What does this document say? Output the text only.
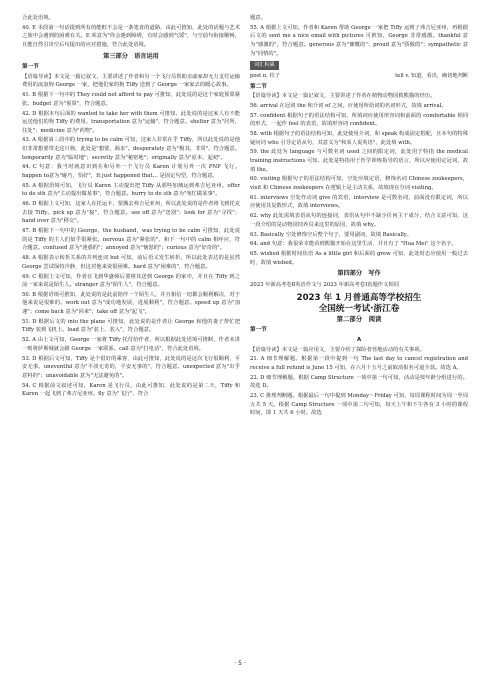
合此处语境。

40. E 本段第一句话提到所有的能框不会是一条笔直的道路，由此可推知，此处的话题与艺术之旅中会遇到的困难有关。E 项意为"你会遇到障碍，有时会感到气馁"，与空前句衔接顺畅，且能自然引出空后句提出的应对措施，符合此处语境。

第三部分　语言运用
第一节

【语篇导读】本文是一篇记叙文，主要讲述了作者和另一个飞行员帮助亲戚家却无力支付运输费用的流浪狗 George 一家，把他们家的狗 Tiffy 送到了 George 一家家去的暖心故事。

41. B 根据下一句中的 They could not afford to pay 可推知，此处说的是这个家庭预算紧张。budget 意为"预算"，符合题意。

42. D 根据本句后面的 wanted to take her with them 可推知，此处说的是这家人有不能运送他们的狗 Tiffy 的费用。transportation 意为"运输"，符合题意。shelter 意为"居所，住处"；medicine 意为"药物"。

43. A 根据第三段中的 trying to be calm 可知，这家人非常在乎 Tiffy，所以此处说的是他们非常想要带走这只狗，此处是"想要，渴求"。desperately 意为"极其，非常"，符合题意。temporarily 意为"临时地"；secretly 意为"秘密地"；originally 意为"原本，起初"。

44. C 句意：我当时就意识到在和另外一个飞行员 Karen 计划另外一次 PNP 飞行。happen to意为"碰巧，恰好"，It just happened that… 是固定句型，符合题意。

45. A 根据语境可知，飞行员 Karen 主动提出把 Tiffy 从那些加城运到弗吉尼亚州。offer to do sth 意为"主动提出做某事"，符合题意。hurry to do sth 意为"匆忙做某事"。

46. D 根据上文可知，这家人在托运卡，要搬去弗吉尼亚州，所以此处说的是作者将飞到托克去接 Tiffy。pick up 意为"接"，符合题意。see off 意为"送别"；look for 意为"寻找"；hand over 意为"移交"。

47. B 根据下一句中的 George，the husband，was trying to be calm 可推知，此处说的是 Tiffy 的主人们似乎很紧张。nervous 意为"紧张的"，和下一句中的 calm 相呼应，符合题意。confused 意为"迷惑的"；annoyed 意为"恼怒的"；curious 意为"好奇的"。

48. A 根据表示转折关系的并列连词 but 可知，前后语义发生转折，所以此处表达的是虽然 George 尝试保持冷静，但这对他来说很困难。hard 意为"困难的"，符合题意。

49. C 根据上文可知，作者在飞到华盛顿后要将其送到 George 的家中，并且在 Tiffy 到之前一家来说是陌生人。stranger 意为"陌生人"，符合题意。

50. B 根据语境可推知，此处说的是此前陪伴一个陌生人，并且相信一切都会顺利解决，对于他来说是很难的。work out 意为"成功地发展，进展顺利"，符合题意。speed up 意为"加速"；come back 意为"回来"；take off 意为"起飞"。

51. D 根据后文的 into the plane 可推知，此处说的是作者让 George 和他的妻子帮忙把 Tiffy 装到飞机上。load 意为"装上，装入"，符合题意。

52. A 由上文可知，George 一家将 Tiffy 托付给作者，所以根据此处语境可推断，作者未讲一则将萨斯城就会跟 George 一家联系。call 意为"打电话"，符合此处语境。

53. D 根据后文可知，Tiffy 是个很好的乘客，由此可推知，此处说的是这次飞行很顺利，平安无事。uneventful 意为"平淡无奇的，平安无事的"，符合题意。unexpected 意为"出乎意料的"；unavoidable 意为"无法避免的"。

54. C 根据前文叙述可知，Karen 是飞行员，由此可推知，此处说的是第二天，Tiffy 和 Karen 一起飞到了弗吉尼亚州。fly 意为"飞行"，符合

题意。

55. A 根据上文可知，作者和 Karen 帮助 George 一家把 Tiffy 运到了弗吉尼亚州，再根据后文的 sent me a nice email with pictures 可推知，George 非常感激。thankful 意为"感激的"，符合题意。generous 意为"慷慨的"；proud 意为"骄傲的"；sympathetic 意为"同情的"。

词汇积累
post n. 柱子	tell v. 知道，看出，确切地判断
第二节

【语篇导读】本文是一篇记叙文，主要讲述了作者在植物动物园救熊猫的经历。

56. arrival 在冠词 the 和介词 of 之间，应使用所给词的名词形式，故填 arrival。

57. confident 根据句子的语法结构可知，所填词应使用形容词和前面的 comfortable 相同的形式，一起作 feel 的表语，故填形容词 confident。

58. with 根据句子的语法结构可知，此处使用介词，和 speak 构成固定搭配，且本句的特殊疑问词 who 引导定语从句，其意义为"和某人说英语"，此处填 with。

59. the 此处为 language 与可数名词 used 之间的限定词，此处用于特指 the medical training instructions 可知，此处是特指用于医学训练指导的语言，所以应使用定冠词，故填 the。

60. visiting 根据句子的语法结构可知，空处应填定语，修饰名词 Chinese zookeepers，visit 和 Chinese zookeepers 在逻辑上是主动关系，故填现在分词 visiting。

61. interviews 空处作动词 give 的宾语，interview 是可数名词，前面没有限定词，所以应使用其复数形式，故填 interviews。

62. why 此处需填表语从句的连接词，表语从句中不缺少任何主干成分，结合文意可知，这一段介绍的是动物园饲养员来这里的原因，故填 why。

63. Basically 空处修饰空后整个句子，要用副词，故填 Basically。

64. and 句意：我很荣幸能看到熊猫开始在这里生活，并且有了 "Hua Mei" 这个名字。

65. wished 根据时间状语 As a little girl 和后面的 grew 可知，此处时态应使用一般过去时，故填 wished。

第四部分　写作

2023 年新高考卷Ⅱ英语作文与 2023 年新高考卷Ⅰ真题作文相同

2023 年 1 月普通高等学校招生
全国统一考试·浙江卷
第二部分　阅读
第一节
A

【语篇导读】本文是一篇应用文，主要介绍了探险者营地活动的有关事项。

21. A 细节理解题。根据第一段中提到一句 The last day to cancel registration and receive a full refund is June 15 可知，在六月十五号之前取消报名可退全款。故选 A。

22. D 细节理解题。根据 Camp Structure 一项中第一句可知，活动是按年龄分组进行的。故选 D。

23. C 推理判断题。根据最后一句中提到 Monday～Friday 可知，每周课程时间为周一至周五共 5 天。根据 Camp Structure 一项中第二句可知，每天上午和下午各有 3 小时的课程时间，即 1 天共 6 小时。故选

· 5 ·
